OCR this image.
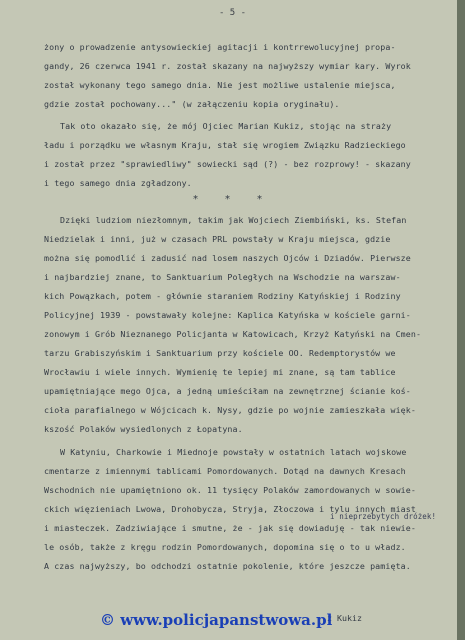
- 5 -
żony o prowadzenie antysowieckiej agitacji i kontrrewolucyjnej propa-
gandy, 26 czerwca 1941 r. został skazany na najwyższy wymiar kary. Wyrok
został wykonany tego samego dnia. Nie jest możliwe ustalenie miejsca,
gdzie został pochowany..." (w załączeniu kopia oryginału).
Tak oto okazało się, że mój Ojciec Marian Kukiz, stojąc na straży
ładu i porządku we własnym Kraju, stał się wrogiem Związku Radzieckiego
i został przez "sprawiedliwy" sowiecki sąd (?) - bez rozprowy! - skazany
i tego samego dnia zgładzony.
* * *
Dzięki ludziom niezłomnym, takim jak Wojciech Ziembiński, ks. Stefan
Niedzielak i inni, już w czasach PRL powstały w Kraju miejsca, gdzie
można się pomodlić i zadusić nad losem naszych Ojców i Dziadów. Pierwsze
i najbardziej znane, to Sanktuarium Poległych na Wschodzie na warszaw-
kich Powązkach, potem - głównie staraniem Rodziny Katyńskiej i Rodziny
Policyjnej 1939 - powstawały kolejne: Kaplica Katyńska w kościele garni-
zonowym i Grób Nieznanego Policjanta w Katowicach, Krzyż Katyński na Cmen-
tarzu Grabiszyńskim i Sanktuarium przy kościele OO. Redemptorystów we
Wrocławiu i wiele innych. Wymienię te lepiej mi znane, są tam tablice
upamiętniające mego Ojca, a jedną umieściłam na zewnętrznej ścianie koś-
cioła parafialnego w Wójcicach k. Nysy, gdzie po wojnie zamieszkała więk-
kszość Polaków wysiedlonych z Łopatyna.
W Katyniu, Charkowie i Miednoje powstały w ostatnich latach wojskowe
cmentarze z imiennymi tablicami Pomordowanych. Dotąd na dawnych Kresach
Wschodnich nie upamiętniono ok. 11 tysięcy Polaków zamordowanych w sowie-
ckich więzieniach Lwowa, Drohobycza, Stryja, Złoczowa i tylu innych miast
i miasteczek. Zadziwiające i smutne, że - jak się dowiaduję - tak niewie-
le osób, także z kręgu rodzin Pomordowanych, dopomina się o to u władz.
A czas najwyższy, bo odchodzi ostatnie pokolenie, które jeszcze pamięta.
i nieprzebytych dróżek!
ż Kukiz
© www.policjapanstwowa.pl
